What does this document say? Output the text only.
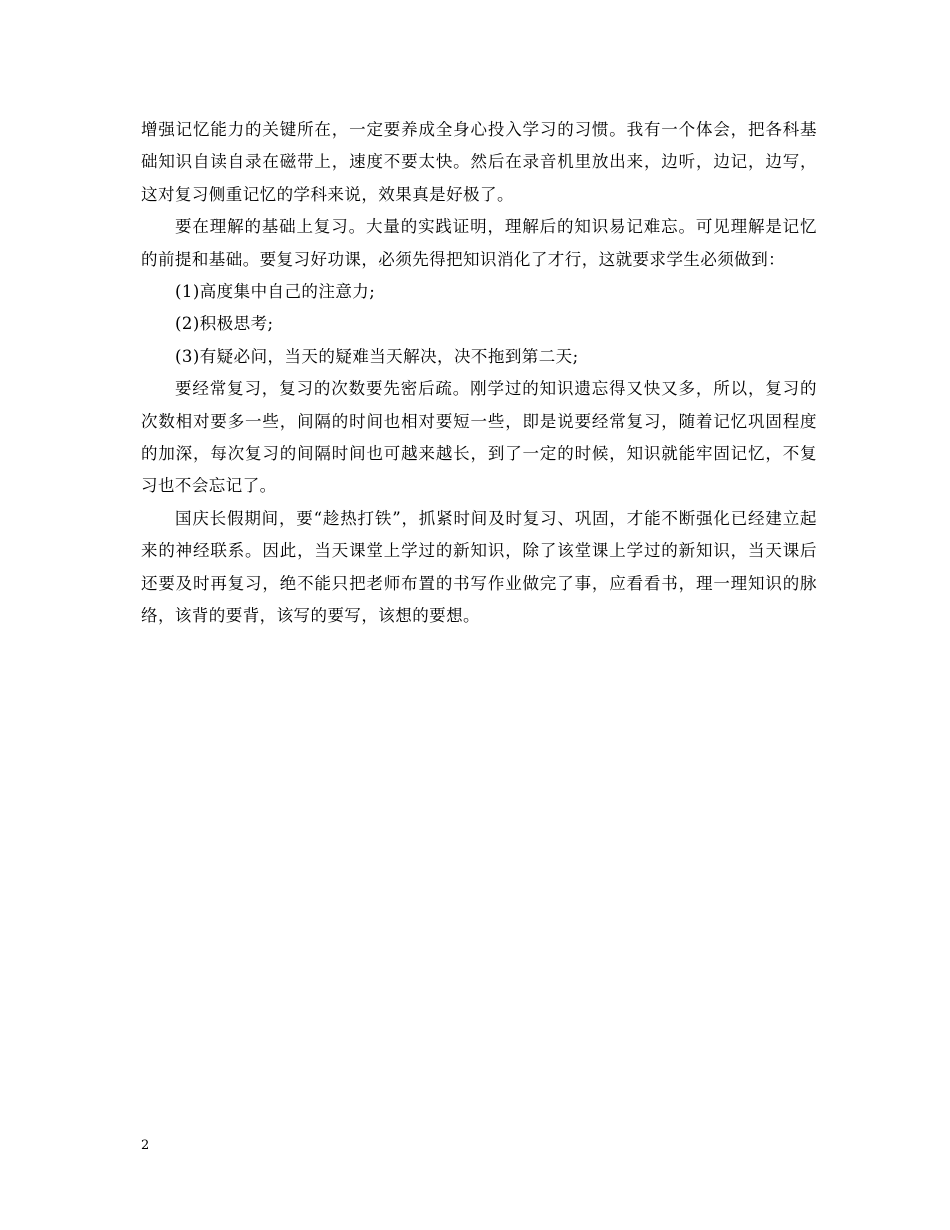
增强记忆能力的关键所在，一定要养成全身心投入学习的习惯。我有一个体会，把各科基础知识自读自录在磁带上，速度不要太快。然后在录音机里放出来，边听，边记，边写，这对复习侧重记忆的学科来说，效果真是好极了。

要在理解的基础上复习。大量的实践证明，理解后的知识易记难忘。可见理解是记忆的前提和基础。要复习好功课，必须先得把知识消化了才行，这就要求学生必须做到：

(1)高度集中自己的注意力;

(2)积极思考;

(3)有疑必问，当天的疑难当天解决，决不拖到第二天;

要经常复习，复习的次数要先密后疏。刚学过的知识遗忘得又快又多，所以，复习的次数相对要多一些，间隔的时间也相对要短一些，即是说要经常复习，随着记忆巩固程度的加深，每次复习的间隔时间也可越来越长，到了一定的时候，知识就能牢固记忆，不复习也不会忘记了。

国庆长假期间，要“趁热打铁”，抓紧时间及时复习、巩固，才能不断强化已经建立起来的神经联系。因此，当天课堂上学过的新知识，除了该堂课上学过的新知识，当天课后还要及时再复习，绝不能只把老师布置的书写作业做完了事，应看看书，理一理知识的脉络，该背的要背，该写的要写，该想的要想。

2
